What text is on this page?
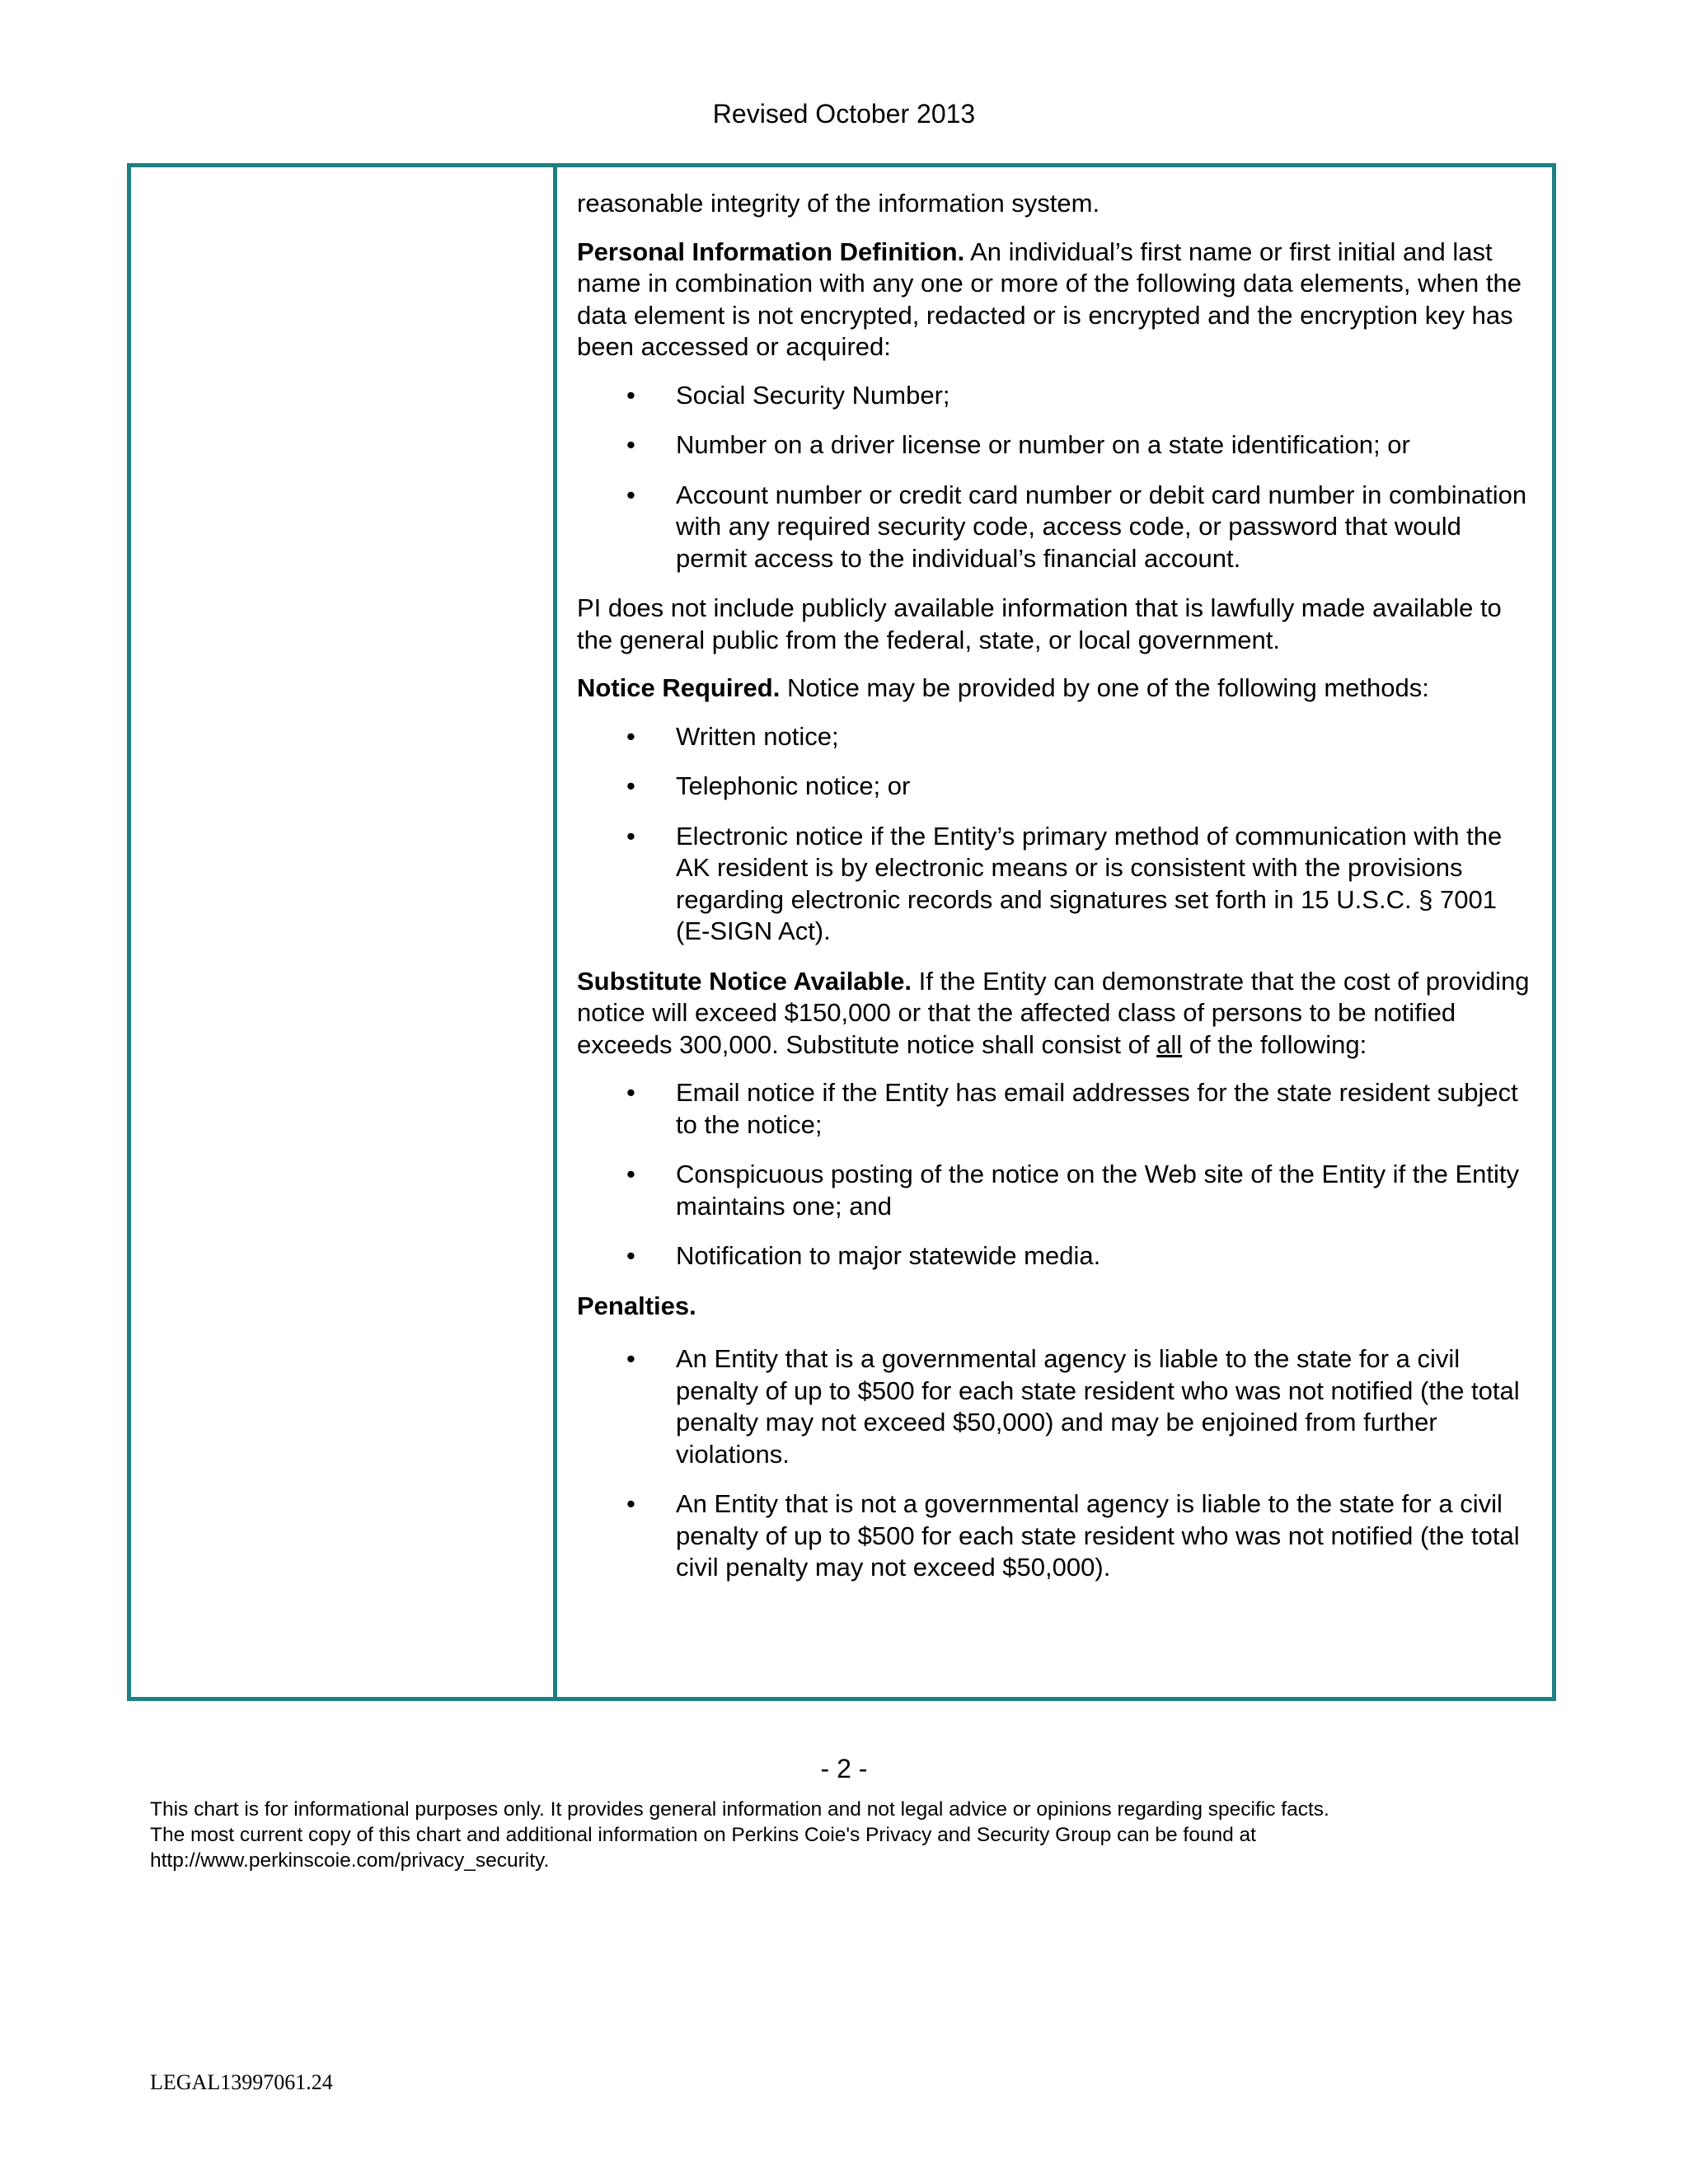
Revised October 2013

reasonable integrity of the information system.

Personal Information Definition. An individual’s first name or first initial and last name in combination with any one or more of the following data elements, when the data element is not encrypted, redacted or is encrypted and the encryption key has been accessed or acquired:

• Social Security Number;
• Number on a driver license or number on a state identification; or
• Account number or credit card number or debit card number in combination with any required security code, access code, or password that would permit access to the individual’s financial account.

PI does not include publicly available information that is lawfully made available to the general public from the federal, state, or local government.

Notice Required. Notice may be provided by one of the following methods:

• Written notice;
• Telephonic notice; or
• Electronic notice if the Entity’s primary method of communication with the AK resident is by electronic means or is consistent with the provisions regarding electronic records and signatures set forth in 15 U.S.C. § 7001 (E-SIGN Act).

Substitute Notice Available. If the Entity can demonstrate that the cost of providing notice will exceed $150,000 or that the affected class of persons to be notified exceeds 300,000. Substitute notice shall consist of all of the following:

• Email notice if the Entity has email addresses for the state resident subject to the notice;
• Conspicuous posting of the notice on the Web site of the Entity if the Entity maintains one; and
• Notification to major statewide media.

Penalties.

• An Entity that is a governmental agency is liable to the state for a civil penalty of up to $500 for each state resident who was not notified (the total penalty may not exceed $50,000) and may be enjoined from further violations.
• An Entity that is not a governmental agency is liable to the state for a civil penalty of up to $500 for each state resident who was not notified (the total civil penalty may not exceed $50,000).
- 2 -
This chart is for informational purposes only. It provides general information and not legal advice or opinions regarding specific facts.
The most current copy of this chart and additional information on Perkins Coie's Privacy and Security Group can be found at
http://www.perkinscoie.com/privacy_security.
LEGAL13997061.24
